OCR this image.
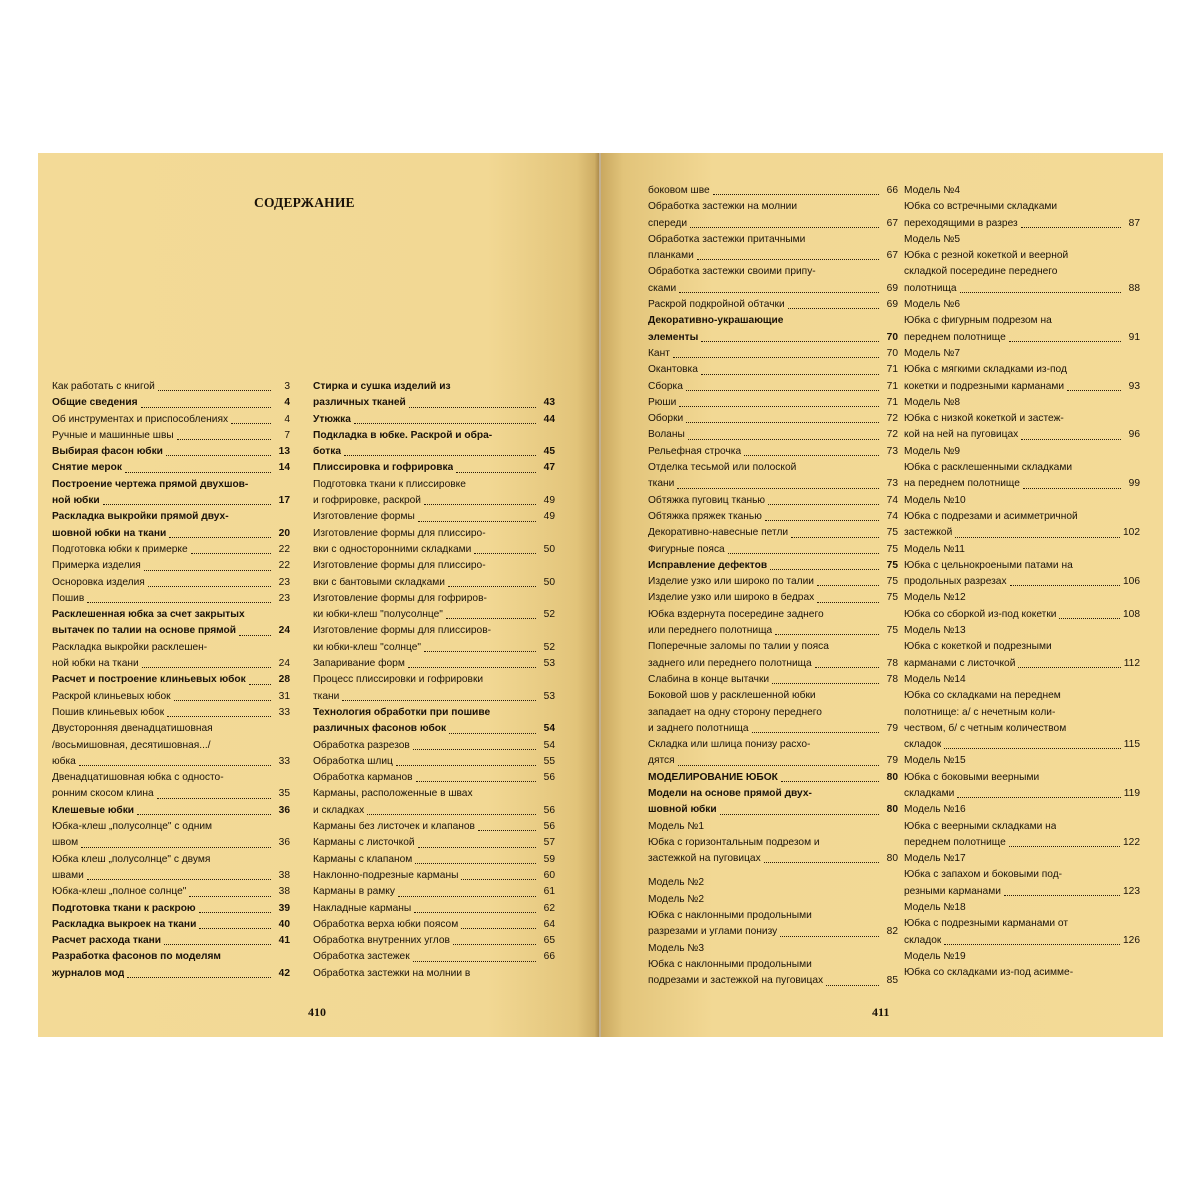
СОДЕРЖАНИЕ
Как работать с книгой	3
Общие сведения	4
Об инструментах и приспособлениях	4
Ручные и машинные швы	7
Выбирая фасон юбки	13
Снятие мерок	14
Построение чертежа прямой двухшов-
ной юбки	17
Раскладка выкройки прямой двух-
шовной юбки на ткани	20
Подготовка юбки к примерке	22
Примерка изделия	22
Осноровка изделия	23
Пошив	23
Расклешенная юбка за счет закрытых
вытачек по талии на основе прямой	24
Раскладка выкройки расклешен-
ной юбки на ткани	24
Расчет и построение клиньевых юбок	28
Раскрой клиньевых юбок	31
Пошив клиньевых юбок	33
Двусторонняя двенадцатишовная
/восьмишовная, десятишовная.../
юбка	33
Двенадцатишовная юбка с односто-
ронним скосом клина	35
Клешевые юбки	36
Юбка-клеш „полусолнце" с одним
швом	36
Юбка клеш „полусолнце" с двумя
швами	38
Юбка-клеш „полное солнце"	38
Подготовка ткани к раскрою	39
Раскладка выкроек на ткани	40
Расчет расхода ткани	41
Разработка фасонов по моделям
журналов мод	42
Стирка и сушка изделий из
различных тканей	43
Утюжка	44
Подкладка в юбке. Раскрой и обра-
ботка	45
Плиссировка и гофрировка	47
Подготовка ткани к плиссировке
и гофрировке, раскрой	49
Изготовление формы	49
Изготовление формы для плиссиро-
вки с односторонними складками	50
Изготовление формы для плиссиро-
вки с бантовыми складками	50
Изготовление формы для гофриров-
ки юбки-клеш "полусолнце"	52
Изготовление формы для плиссиров-
ки юбки-клеш "солнце"	52
Запаривание форм	53
Процесс плиссировки и гофрировки
ткани	53
Технология обработки при пошиве
различных фасонов юбок	54
Обработка разрезов	54
Обработка шлиц	55
Обработка карманов	56
Карманы, расположенные в швах
и складках	56
Карманы без листочек и клапанов	56
Карманы с листочкой	57
Карманы с клапаном	59
Наклонно-подрезные карманы	60
Карманы в рамку	61
Накладные карманы	62
Обработка верха юбки поясом	64
Обработка внутренних углов	65
Обработка застежек	66
Обработка застежки на молнии в
410
боковом шве	66
Обработка застежки на молнии
спереди	67
Обработка застежки притачными
планками	67
Обработка застежки своими припу-
сками	69
Раскрой подкройной обтачки	69
Декоративно-украшающие
элементы	70
Кант	70
Окантовка	71
Сборка	71
Рюши	71
Оборки	72
Воланы	72
Рельефная строчка	73
Отделка тесьмой или полоской
ткани	73
Обтяжка пуговиц тканью	74
Обтяжка пряжек тканью	74
Декоративно-навесные петли	75
Фигурные пояса	75
Исправление дефектов	75
Изделие узко или широко по талии	75
Изделие узко или широко в бедрах	75
Юбка вздернута посередине заднего
или переднего полотнища	75
Поперечные заломы по талии у пояса
заднего или переднего полотнища	78
Слабина в конце вытачки	78
Боковой шов у расклешенной юбки
западает на одну сторону переднего
и заднего полотнища	79
Складка или шлица понизу расхо-
дятся	79
МОДЕЛИРОВАНИЕ ЮБОК	80
Модели на основе прямой двух-
шовной юбки	80
Модель №1
Юбка с горизонтальным подрезом и
застежкой на пуговицах	80
Модель №2
Модель №2
Юбка с наклонными продольными
разрезами и углами понизу	82
Модель №3
Юбка с наклонными продольными
подрезами и застежкой на пуговицах	85
Модель №4
Юбка со встречными складками
переходящими в разрез	87
Модель №5
Юбка с резной кокеткой и веерной
складкой посередине переднего
полотнища	88
Модель №6
Юбка с фигурным подрезом на
переднем полотнище	91
Модель №7
Юбка с мягкими складками из-под
кокетки и подрезными карманами	93
Модель №8
Юбка с низкой кокеткой и застеж-
кой на ней на пуговицах	96
Модель №9
Юбка с расклешенными складками
на переднем полотнище	99
Модель №10
Юбка с подрезами и асимметричной
застежкой	102
Модель №11
Юбка с цельнокроеными патами на
продольных разрезах	106
Модель №12
Юбка со сборкой из-под кокетки	108
Модель №13
Юбка с кокеткой и подрезными
карманами с листочкой	112
Модель №14
Юбка со складками на переднем
полотнище: а/ с нечетным коли-
чеством, б/ с четным количеством
складок	115
Модель №15
Юбка с боковыми веерными
складками	119
Модель №16
Юбка с веерными складками на
переднем полотнище	122
Модель №17
Юбка с запахом и боковыми под-
резными карманами	123
Модель №18
Юбка с подрезными карманами от
складок	126
Модель №19
Юбка со складками из-под асимме-
411
